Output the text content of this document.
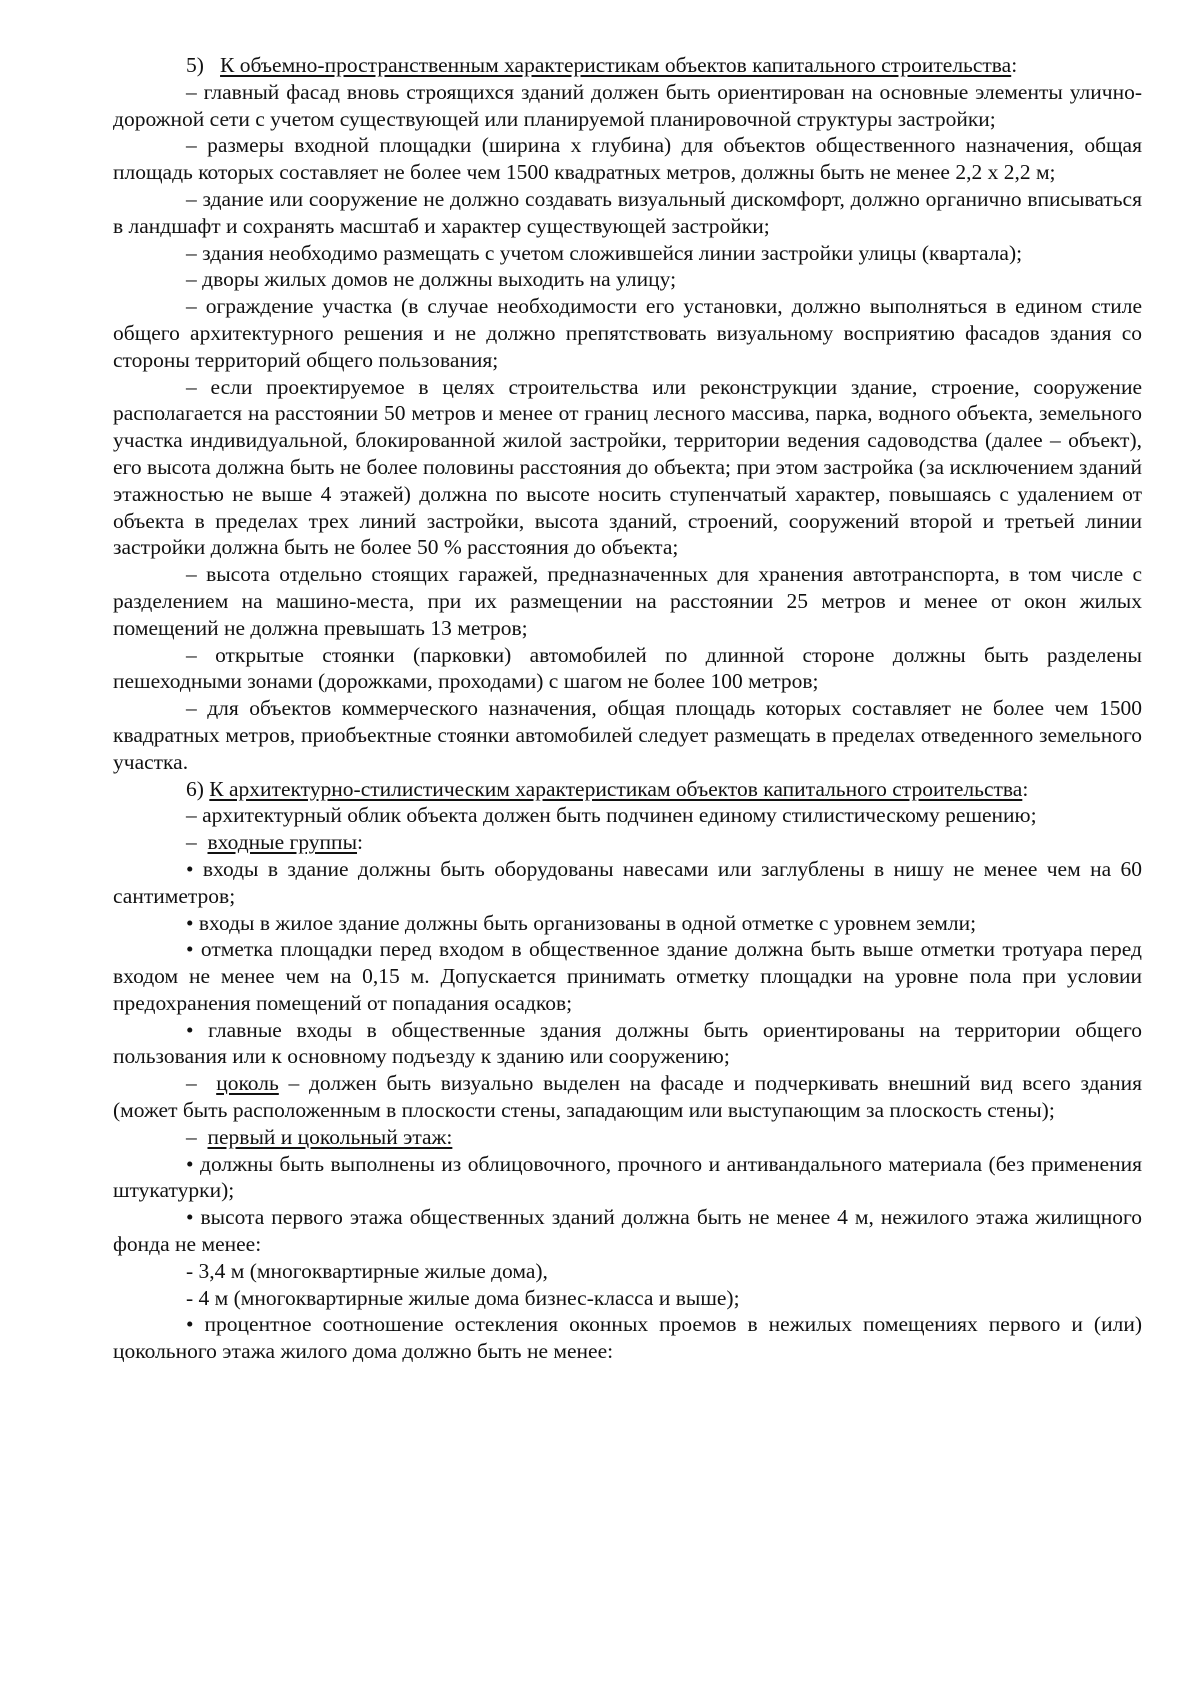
5) К объемно-пространственным характеристикам объектов капитального строительства:

– главный фасад вновь строящихся зданий должен быть ориентирован на основные элементы улично-дорожной сети с учетом существующей или планируемой планировочной структуры застройки;

– размеры входной площадки (ширина х глубина) для объектов общественного назначения, общая площадь которых составляет не более чем 1500 квадратных метров, должны быть не менее 2,2 х 2,2 м;

– здание или сооружение не должно создавать визуальный дискомфорт, должно органично вписываться в ландшафт и сохранять масштаб и характер существующей застройки;

– здания необходимо размещать с учетом сложившейся линии застройки улицы (квартала);

– дворы жилых домов не должны выходить на улицу;

– ограждение участка (в случае необходимости его установки, должно выполняться в едином стиле общего архитектурного решения и не должно препятствовать визуальному восприятию фасадов здания со стороны территорий общего пользования;

– если проектируемое в целях строительства или реконструкции здание, строение, сооружение располагается на расстоянии 50 метров и менее от границ лесного массива, парка, водного объекта, земельного участка индивидуальной, блокированной жилой застройки, территории ведения садоводства (далее – объект), его высота должна быть не более половины расстояния до объекта; при этом застройка (за исключением зданий этажностью не выше 4 этажей) должна по высоте носить ступенчатый характер, повышаясь с удалением от объекта в пределах трех линий застройки, высота зданий, строений, сооружений второй и третьей линии застройки должна быть не более 50 % расстояния до объекта;

– высота отдельно стоящих гаражей, предназначенных для хранения автотранспорта, в том числе с разделением на машино-места, при их размещении на расстоянии 25 метров и менее от окон жилых помещений не должна превышать 13 метров;

– открытые стоянки (парковки) автомобилей по длинной стороне должны быть разделены пешеходными зонами (дорожками, проходами) с шагом не более 100 метров;

– для объектов коммерческого назначения, общая площадь которых составляет не более чем 1500 квадратных метров, приобъектные стоянки автомобилей следует размещать в пределах отведенного земельного участка.

6) К архитектурно-стилистическим характеристикам объектов капитального строительства:

– архитектурный облик объекта должен быть подчинен единому стилистическому решению;

– входные группы:

• входы в здание должны быть оборудованы навесами или заглублены в нишу не менее чем на 60 сантиметров;

• входы в жилое здание должны быть организованы в одной отметке с уровнем земли;

• отметка площадки перед входом в общественное здание должна быть выше отметки тротуара перед входом не менее чем на 0,15 м. Допускается принимать отметку площадки на уровне пола при условии предохранения помещений от попадания осадков;

• главные входы в общественные здания должны быть ориентированы на территории общего пользования или к основному подъезду к зданию или сооружению;

– цоколь – должен быть визуально выделен на фасаде и подчеркивать внешний вид всего здания (может быть расположенным в плоскости стены, западающим или выступающим за плоскость стены);

– первый и цокольный этаж:

• должны быть выполнены из облицовочного, прочного и антивандального материала (без применения штукатурки);

• высота первого этажа общественных зданий должна быть не менее 4 м, нежилого этажа жилищного фонда не менее:

- 3,4 м (многоквартирные жилые дома),

- 4 м (многоквартирные жилые дома бизнес-класса и выше);

• процентное соотношение остекления оконных проемов в нежилых помещениях первого и (или) цокольного этажа жилого дома должно быть не менее:
